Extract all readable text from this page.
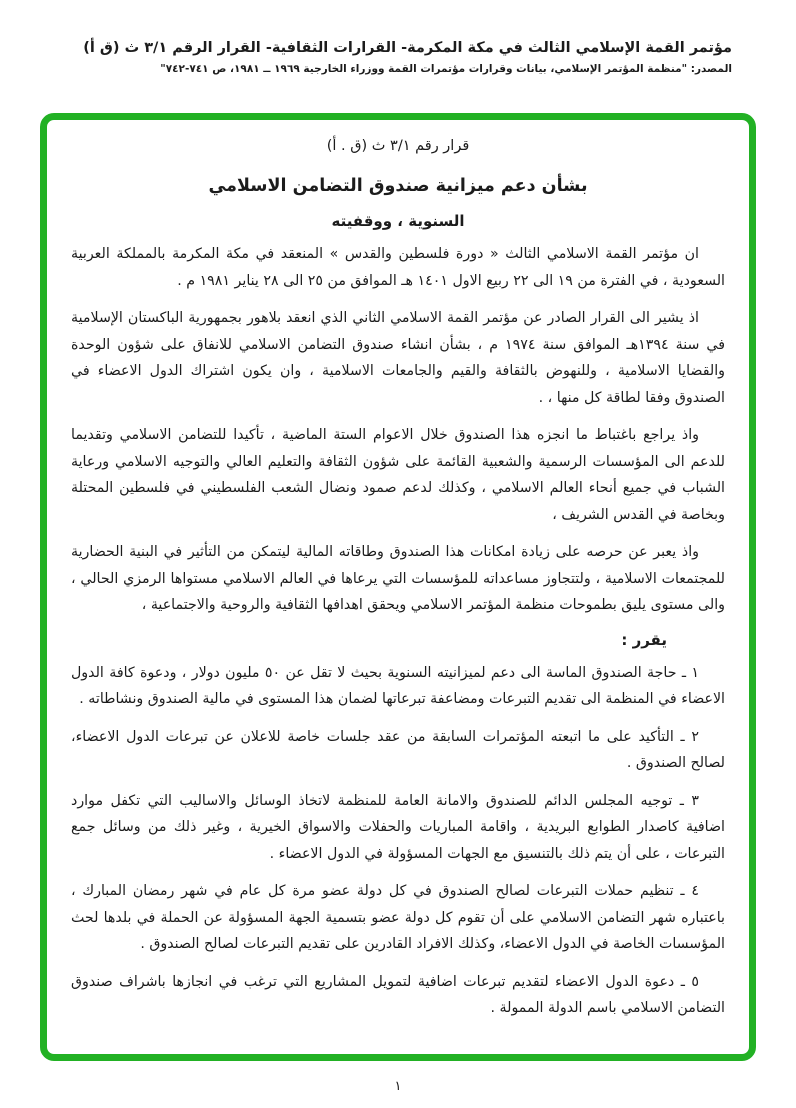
مؤتمر القمة الإسلامي الثالث في مكة المكرمة- القرارات الثقافية- القرار الرقم ٣/١ ث (ق أ)
المصدر: "منظمة المؤتمر الإسلامي، بيانات وقرارات مؤتمرات القمة ووزراء الخارجية ١٩٦٩ ــ ١٩٨١، ص ٧٤١-٧٤٢"
قرار رقم ٣/١ ث (ق . أ)
بشأن دعم ميزانية صندوق التضامن الاسلامي
السنوية ، ووقفيته

ان مؤتمر القمة الاسلامي الثالث « دورة فلسطين والقدس » المنعقد في مكة المكرمة بالمملكة العربية السعودية ، في الفترة من ١٩ الى ٢٢ ربيع الاول ١٤٠١ هـ الموافق من ٢٥ الى ٢٨ يناير ١٩٨١ م .

اذ يشير الى القرار الصادر عن مؤتمر القمة الاسلامي الثاني الذي انعقد بلاهور بجمهورية الباكستان الإسلامية في سنة ١٣٩٤هـ الموافق سنة ١٩٧٤ م ، بشأن انشاء صندوق التضامن الاسلامي للانفاق على شؤون الوحدة والقضايا الاسلامية ، وللنهوض بالثقافة والقيم والجامعات الاسلامية ، وان يكون اشتراك الدول الاعضاء في الصندوق وفقا لطاقة كل منها ، .

واذ يراجع باغتباط ما انجزه هذا الصندوق خلال الاعوام الستة الماضية ، تأكيدا للتضامن الاسلامي وتقديما للدعم الى المؤسسات الرسمية والشعبية القائمة على شؤون الثقافة والتعليم العالي والتوجيه الاسلامي ورعاية الشباب في جميع أنحاء العالم الاسلامي ، وكذلك لدعم صمود ونضال الشعب الفلسطيني في فلسطين المحتلة وبخاصة في القدس الشريف ،

واذ يعبر عن حرصه على زيادة امكانات هذا الصندوق وطاقاته المالية ليتمكن من التأثير في البنية الحضارية للمجتمعات الاسلامية ، ولتتجاوز مساعداته للمؤسسات التي يرعاها في العالم الاسلامي مستواها الرمزي الحالي ، والى مستوى يليق بطموحات منظمة المؤتمر الاسلامي ويحقق اهدافها الثقافية والروحية والاجتماعية ،

يقرر :

١ ـ حاجة الصندوق الماسة الى دعم لميزانيته السنوية بحيث لا تقل عن ٥٠ مليون دولار ، ودعوة كافة الدول الاعضاء في المنظمة الى تقديم التبرعات ومضاعفة تبرعاتها لضمان هذا المستوى في مالية الصندوق ونشاطاته .

٢ ـ التأكيد على ما اتبعته المؤتمرات السابقة من عقد جلسات خاصة للاعلان عن تبرعات الدول الاعضاء، لصالح الصندوق .

٣ ـ توجيه المجلس الدائم للصندوق والامانة العامة للمنظمة لاتخاذ الوسائل والاساليب التي تكفل موارد اضافية كاصدار الطوابع البريدية ، واقامة المباريات والحفلات والاسواق الخيرية ، وغير ذلك من وسائل جمع التبرعات ، على أن يتم ذلك بالتنسيق مع الجهات المسؤولة في الدول الاعضاء .

٤ ـ تنظيم حملات التبرعات لصالح الصندوق في كل دولة عضو مرة كل عام في شهر رمضان المبارك ، باعتباره شهر التضامن الاسلامي على أن تقوم كل دولة عضو بتسمية الجهة المسؤولة عن الحملة في بلدها لحث المؤسسات الخاصة في الدول الاعضاء، وكذلك الافراد القادرين على تقديم التبرعات لصالح الصندوق .

٥ ـ دعوة الدول الاعضاء لتقديم تبرعات اضافية لتمويل المشاريع التي ترغب في انجازها باشراف صندوق التضامن الاسلامي باسم الدولة الممولة .

١
